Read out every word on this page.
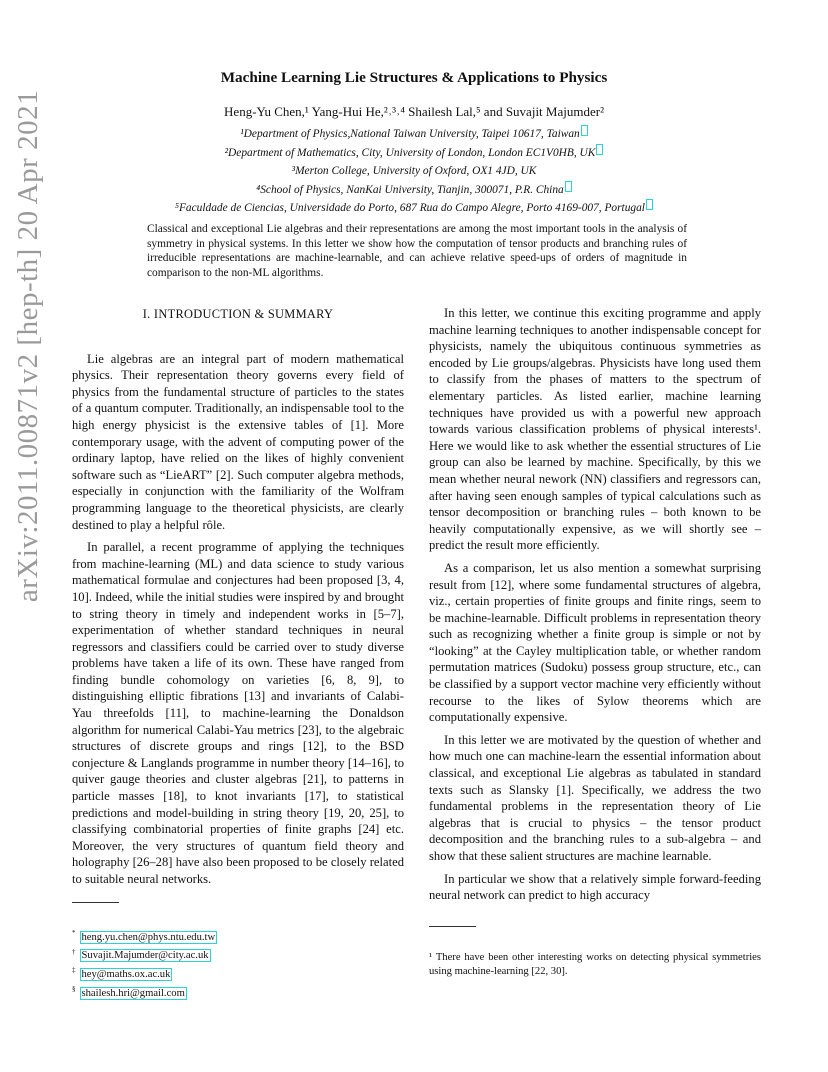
arXiv:2011.00871v2 [hep-th] 20 Apr 2021
Machine Learning Lie Structures & Applications to Physics
Heng-Yu Chen,¹ Yang-Hui He,²˒³˒⁴ Shailesh Lal,⁵ and Suvajit Majumder²
¹Department of Physics,National Taiwan University, Taipei 10617, Taiwan
²Department of Mathematics, City, University of London, London EC1V0HB, UK
³Merton College, University of Oxford, OX1 4JD, UK
⁴School of Physics, NanKai University, Tianjin, 300071, P.R. China
⁵Faculdade de Ciencias, Universidade do Porto, 687 Rua do Campo Alegre, Porto 4169-007, Portugal
Classical and exceptional Lie algebras and their representations are among the most important tools in the analysis of symmetry in physical systems. In this letter we show how the computation of tensor products and branching rules of irreducible representations are machine-learnable, and can achieve relative speed-ups of orders of magnitude in comparison to the non-ML algorithms.
I. INTRODUCTION & SUMMARY

Lie algebras are an integral part of modern mathematical physics. Their representation theory governs every field of physics from the fundamental structure of particles to the states of a quantum computer. Traditionally, an indispensable tool to the high energy physicist is the extensive tables of [1]. More contemporary usage, with the advent of computing power of the ordinary laptop, have relied on the likes of highly convenient software such as “LieART” [2]. Such computer algebra methods, especially in conjunction with the familiarity of the Wolfram programming language to the theoretical physicists, are clearly destined to play a helpful rôle.

In parallel, a recent programme of applying the techniques from machine-learning (ML) and data science to study various mathematical formulae and conjectures had been proposed [3, 4, 10]. Indeed, while the initial studies were inspired by and brought to string theory in timely and independent works in [5–7], experimentation of whether standard techniques in neural regressors and classifiers could be carried over to study diverse problems have taken a life of its own. These have ranged from finding bundle cohomology on varieties [6, 8, 9], to distinguishing elliptic fibrations [13] and invariants of Calabi-Yau threefolds [11], to machine-learning the Donaldson algorithm for numerical Calabi-Yau metrics [23], to the algebraic structures of discrete groups and rings [12], to the BSD conjecture & Langlands programme in number theory [14–16], to quiver gauge theories and cluster algebras [21], to patterns in particle masses [18], to knot invariants [17], to statistical predictions and model-building in string theory [19, 20, 25], to classifying combinatorial properties of finite graphs [24] etc. Moreover, the very structures of quantum field theory and holography [26–28] have also been proposed to be closely related to suitable neural networks.

In this letter, we continue this exciting programme and apply machine learning techniques to another indispensable concept for physicists, namely the ubiquitous continuous symmetries as encoded by Lie groups/algebras. Physicists have long used them to classify from the phases of matters to the spectrum of elementary particles. As listed earlier, machine learning techniques have provided us with a powerful new approach towards various classification problems of physical interests¹. Here we would like to ask whether the essential structures of Lie group can also be learned by machine. Specifically, by this we mean whether neural nework (NN) classifiers and regressors can, after having seen enough samples of typical calculations such as tensor decomposition or branching rules – both known to be heavily computationally expensive, as we will shortly see – predict the result more efficiently.

As a comparison, let us also mention a somewhat surprising result from [12], where some fundamental structures of algebra, viz., certain properties of finite groups and finite rings, seem to be machine-learnable. Difficult problems in representation theory such as recognizing whether a finite group is simple or not by “looking” at the Cayley multiplication table, or whether random permutation matrices (Sudoku) possess group structure, etc., can be classified by a support vector machine very efficiently without recourse to the likes of Sylow theorems which are computationally expensive.

In this letter we are motivated by the question of whether and how much one can machine-learn the essential information about classical, and exceptional Lie algebras as tabulated in standard texts such as Slansky [1]. Specifically, we address the two fundamental problems in the representation theory of Lie algebras that is crucial to physics – the tensor product decomposition and the branching rules to a sub-algebra – and show that these salient structures are machine learnable.

In particular we show that a relatively simple forward-feeding neural network can predict to high accuracy

* heng.yu.chen@phys.ntu.edu.tw
† Suvajit.Majumder@city.ac.uk
‡ hey@maths.ox.ac.uk
§ shailesh.hri@gmail.com
¹ There have been other interesting works on detecting physical symmetries using machine-learning [22, 30].
